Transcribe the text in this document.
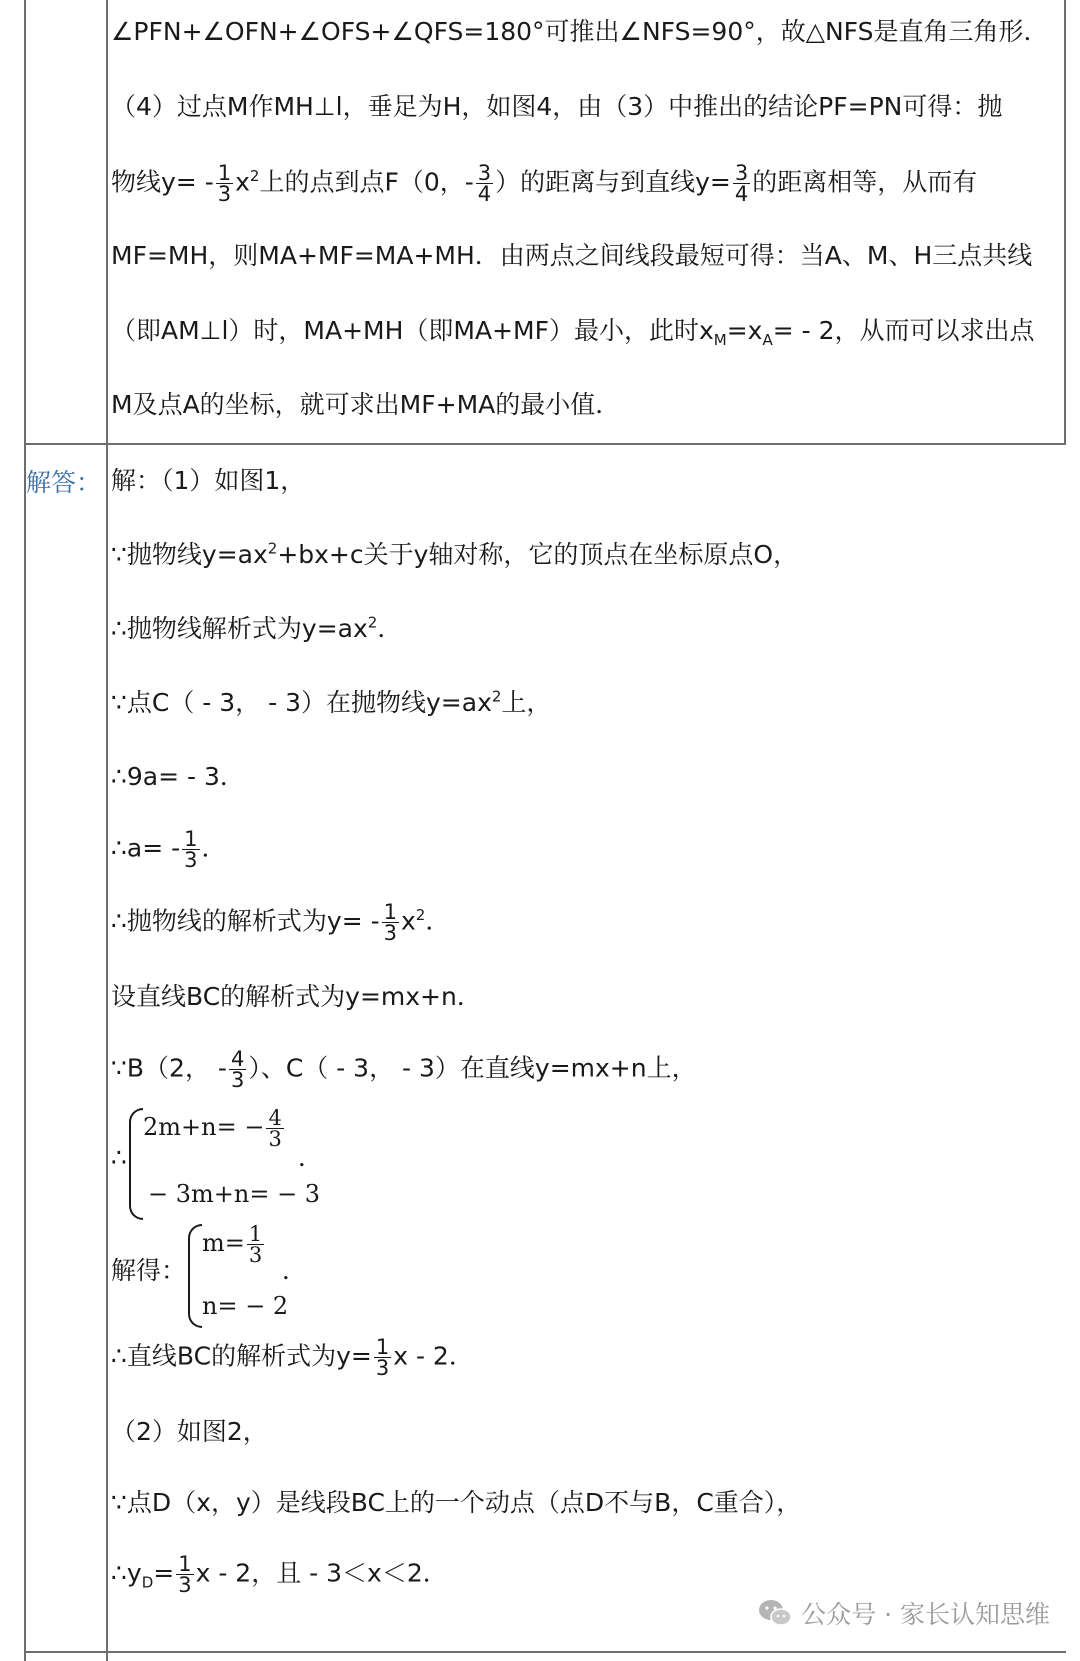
∠PFN+∠OFN+∠OFS+∠QFS=180°可推出∠NFS=90°，故△NFS是直角三角形．
（4）过点M作MH⊥l，垂足为H，如图4，由（3）中推出的结论PF=PN可得：抛
物线$y= - \frac{1}{3} x^2$上的点到点F（0，- $\frac{3}{4}$ ）的距离与到直线$y= \frac{3}{4}$ 的距离相等，从而有
MF=MH，则MA+MF=MA+MH．由两点之间线段最短可得：当A、M、H三点共线
（即AM⊥l）时，MA+MH（即MA+MF）最小，此时$x_M=x_A= - 2$，从而可以求出点
M及点A的坐标，就可求出MF+MA的最小值．
解答： 解：（1）如图1，
∵抛物线$y=ax^2+bx+c$关于y轴对称，它的顶点在坐标原点O，
∴抛物线解析式为$y=ax^2$．
∵点C（ - 3， - 3）在抛物线$y=ax^2$上，
∴9a= - 3．
∴a= - $\frac{1}{3}$ ．
∴抛物线的解析式为$y= - \frac{1}{3} x^2$．
设直线BC的解析式为y=mx+n．
∵B（2， - $\frac{4}{3}$ ）、C（ - 3， - 3）在直线y=mx+n上，
∴
$2m+n= - \frac{4}{3}$
− 3m+n= − 3
．
解得：
$m= \frac{1}{3}$
n= − 2
．
∴直线BC的解析式为$y= \frac{1}{3}$ x - 2．
（2）如图2，
∵点D（x，y）是线段BC上的一个动点（点D不与B，C重合），
$\therefore y_D= \frac{1}{3}$ x - 2，且 - 3＜x＜2．
公众号 · 家长认知思维
